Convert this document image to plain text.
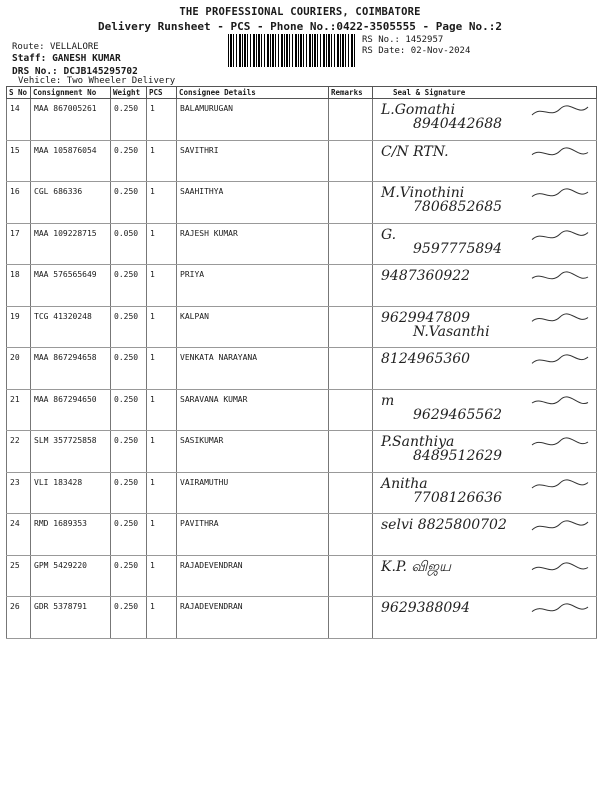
THE PROFESSIONAL COURIERS, COIMBATORE
Delivery Runsheet - PCS - Phone No.:0422-3505555 - Page No.:2
Route: VELLALORE
Staff: GANESH KUMAR
DRS No.: DCJB145295702
Vehicle: Two Wheeler Delivery
RS No.: 1452957
RS Date: 02-Nov-2024
S No	Consignment No	Weight	PCS	Consignee Details	Remarks	Seal & Signature
14	MAA 867005261	0.250	1	BALAMURUGAN		L.Gomathi
8940442688

15	MAA 105876054	0.250	1	SAVITHRI		C/N RTN.

16	CGL 686336	0.250	1	SAAHITHYA		M.Vinothini
7806852685

17	MAA 109228715	0.050	1	RAJESH KUMAR		G.
9597775894

18	MAA 576565649	0.250	1	PRIYA		9487360922

19	TCG 41320248	0.250	1	KALPAN		9629947809
N.Vasanthi

20	MAA 867294658	0.250	1	VENKATA NARAYANA		8124965360

21	MAA 867294650	0.250	1	SARAVANA KUMAR		m
9629465562

22	SLM 357725858	0.250	1	SASIKUMAR		P.Santhiya
8489512629

23	VLI 183428	0.250	1	VAIRAMUTHU		Anitha
7708126636

24	RMD 1689353	0.250	1	PAVITHRA		selvi 8825800702

25	GPM 5429220	0.250	1	RAJADEVENDRAN		K.P. விஜய

26	GDR 5378791	0.250	1	RAJADEVENDRAN		9629388094
